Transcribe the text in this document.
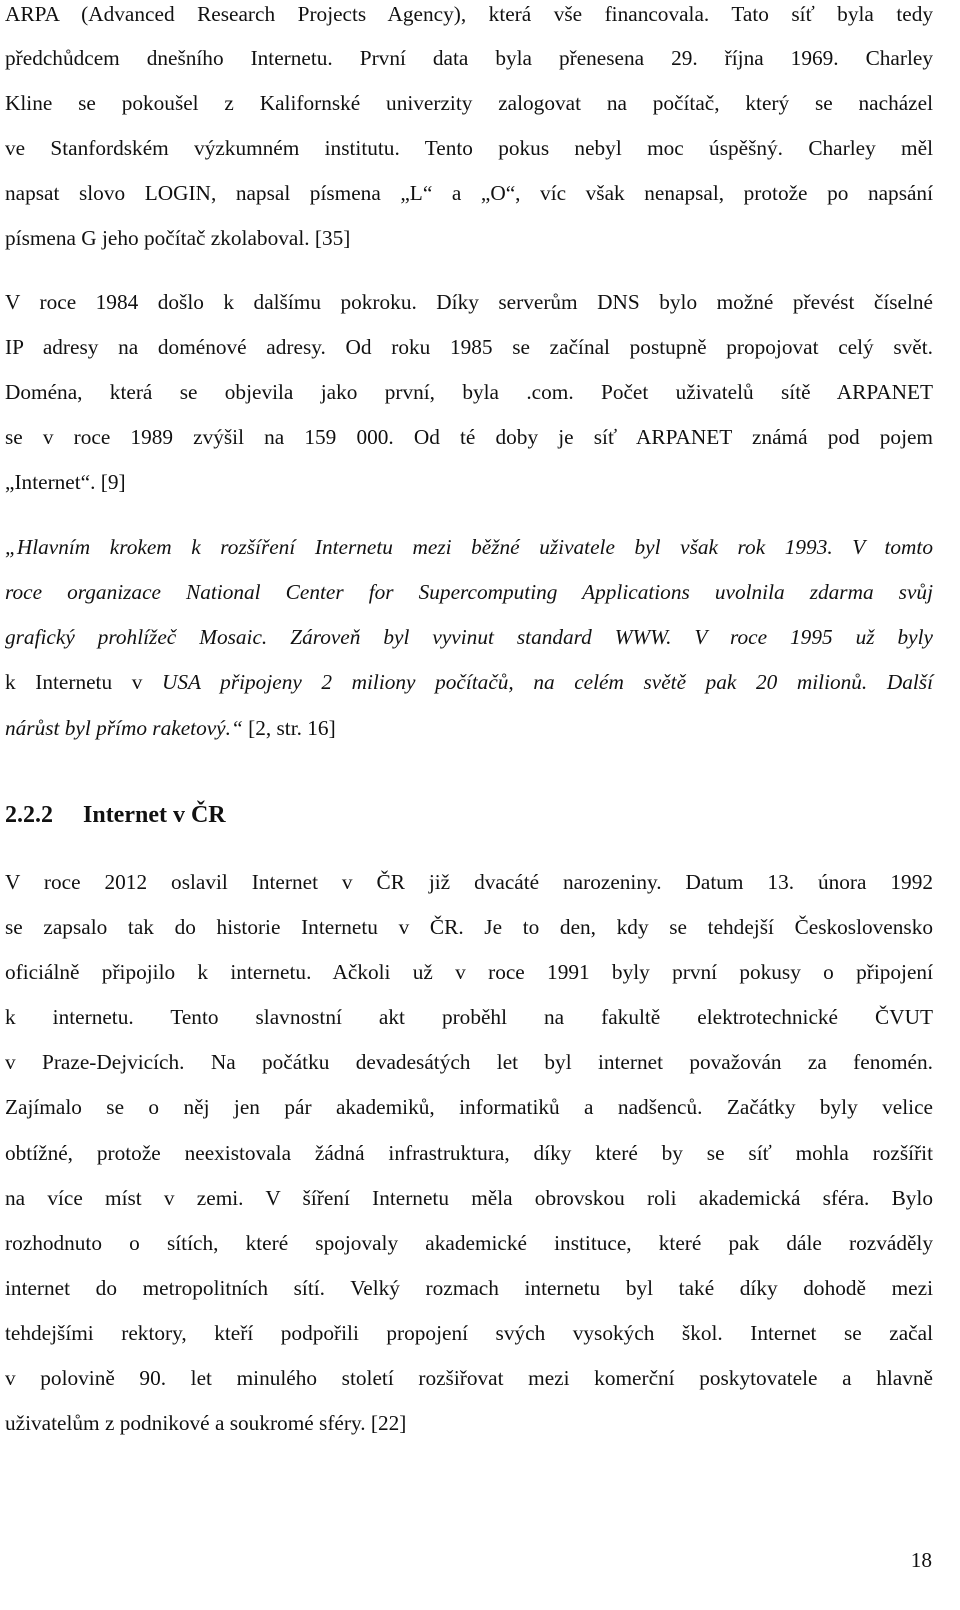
ARPA (Advanced Research Projects Agency), která vše financovala. Tato síť byla tedy
předchůdcem dnešního Internetu. První data byla přenesena 29. října 1969. Charley
Kline se pokoušel z Kalifornské univerzity zalogovat na počítač, který se nacházel
ve Stanfordském výzkumném institutu. Tento pokus nebyl moc úspěšný. Charley měl
napsat slovo LOGIN, napsal písmena „L“ a „O“, víc však nenapsal, protože po napsání
písmena G jeho počítač zkolaboval. [35]
V roce 1984 došlo k dalšímu pokroku. Díky serverům DNS bylo možné převést číselné
IP adresy na doménové adresy. Od roku 1985 se začínal postupně propojovat celý svět.
Doména, která se objevila jako první, byla .com. Počet uživatelů sítě ARPANET
se v roce 1989 zvýšil na 159 000. Od té doby je síť ARPANET známá pod pojem
„Internet“. [9]
„Hlavním krokem k rozšíření Internetu mezi běžné uživatele byl však rok 1993. V tomto
roce organizace National Center for Supercomputing Applications uvolnila zdarma svůj
grafický prohlížeč Mosaic. Zároveň byl vyvinut standard WWW. V roce 1995 už byly
k Internetu v USA připojeny 2 miliony počítačů, na celém světě pak 20 milionů. Další
nárůst byl přímo raketový.“ [2, str. 16]
2.2.2 Internet v ČR
V roce 2012 oslavil Internet v ČR již dvacáté narozeniny. Datum 13. února 1992
se zapsalo tak do historie Internetu v ČR. Je to den, kdy se tehdejší Československo
oficiálně připojilo k internetu. Ačkoli už v roce 1991 byly první pokusy o připojení
k internetu. Tento slavnostní akt proběhl na fakultě elektrotechnické ČVUT
v Praze-Dejvicích. Na počátku devadesátých let byl internet považován za fenomén.
Zajímalo se o něj jen pár akademiků, informatiků a nadšenců. Začátky byly velice
obtížné, protože neexistovala žádná infrastruktura, díky které by se síť mohla rozšířit
na více míst v zemi. V šíření Internetu měla obrovskou roli akademická sféra. Bylo
rozhodnuto o sítích, které spojovaly akademické instituce, které pak dále rozváděly
internet do metropolitních sítí. Velký rozmach internetu byl také díky dohodě mezi
tehdejšími rektory, kteří podpořili propojení svých vysokých škol. Internet se začal
v polovině 90. let minulého století rozšiřovat mezi komerční poskytovatele a hlavně
uživatelům z podnikové a soukromé sféry. [22]
18
